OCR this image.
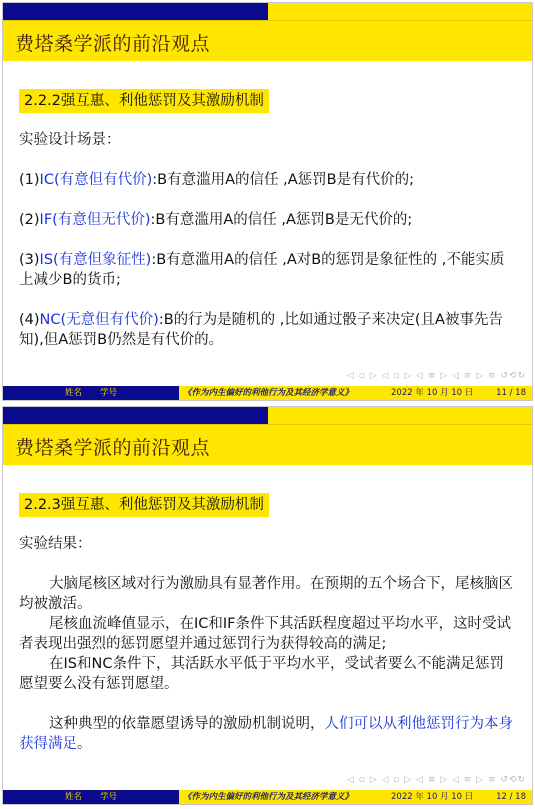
费塔桑学派的前沿观点
2.2.2强互惠、利他惩罚及其激励机制

实验设计场景：

(1)IC(有意但有代价):B有意滥用A的信任 ,A惩罚B是有代价的;

(2)IF(有意但无代价):B有意滥用A的信任 ,A惩罚B是无代价的;

(3)IS(有意但象征性):B有意滥用A的信任 ,A对B的惩罚是象征性的 ,不能实质上减少B的货币;

(4)NC(无意但有代价):B的行为是随机的 ,比如通过骰子来决定(且A被事先告知),但A惩罚B仍然是有代价的。

◁ ▫ ▷ ◁ ▫ ▷ ◁ ≡ ▷ ◁ ≡ ▷ ≡ ↺⟲↻
姓名 学号	《作为内生偏好的利他行为及其经济学意义》	2022 年 10 月 10 日	11 / 18
费塔桑学派的前沿观点
2.2.3强互惠、利他惩罚及其激励机制

实验结果：

大脑尾核区域对行为激励具有显著作用。在预期的五个场合下，尾核脑区均被激活。

尾核血流峰值显示，在IC和IF条件下其活跃程度超过平均水平，这时受试者表现出强烈的惩罚愿望并通过惩罚行为获得较高的满足;

在IS和NC条件下，其活跃水平低于平均水平，受试者要么不能满足惩罚愿望要么没有惩罚愿望。

这种典型的依靠愿望诱导的激励机制说明，人们可以从利他惩罚行为本身获得满足。

◁ ▫ ▷ ◁ ▫ ▷ ◁ ≡ ▷ ◁ ≡ ▷ ≡ ↺⟲↻
姓名 学号	《作为内生偏好的利他行为及其经济学意义》	2022 年 10 月 10 日	12 / 18
